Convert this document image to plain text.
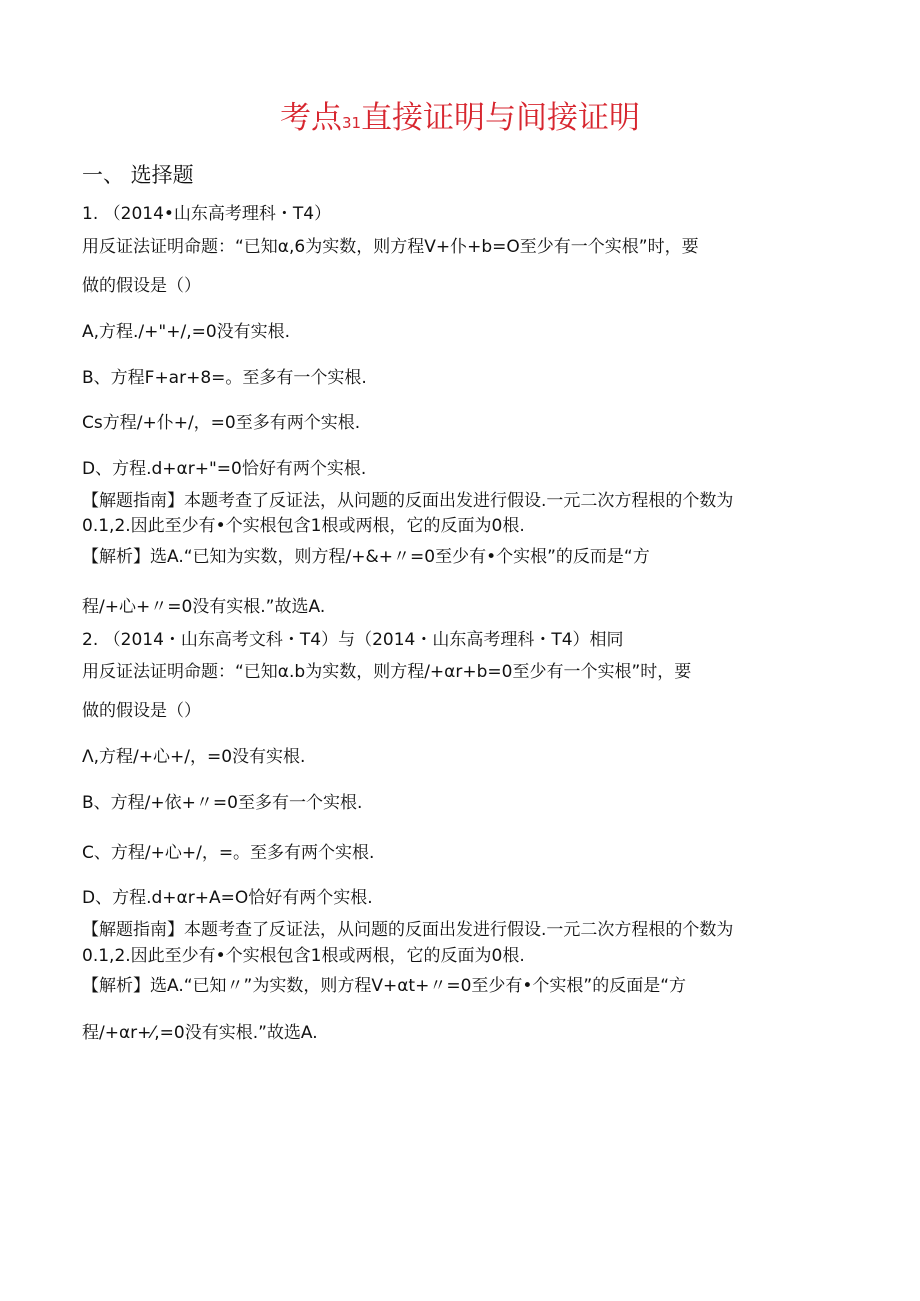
考点31直接证明与间接证明
一、 选择题
1. （2014•山东高考理科・T4）
用反证法证明命题：“已知α,6为实数，则方程V+仆+b=O至少有一个实根”时，要
做的假设是（）
A,方程./+"+/,=0没有实根.
B、方程F+ar+8=。至多有一个实根.
Cs方程/+仆+/，=0至多有两个实根.
D、方程.d+αr+"=0恰好有两个实根.
【解题指南】本题考查了反证法，从问题的反面出发进行假设.一元二次方程根的个数为
0.1,2.因此至少有•个实根包含1根或两根，它的反面为0根.
【解析】选A.“已知为实数，则方程/+&+〃=0至少有•个实根”的反而是“方
程/+心+〃=0没有实根.”故选A.
2. （2014・山东高考文科・T4）与（2014・山东高考理科・T4）相同
用反证法证明命题：“已知α.b为实数，则方程/+αr+b=0至少有一个实根”时，要
做的假设是（）
Λ,方程/+心+/，=0没有实根.
B、方程/+依+〃=0至多有一个实根.
C、方程/+心+/，=。至多有两个实根.
D、方程.d+αr+A=O恰好有两个实根.
【解题指南】本题考查了反证法，从问题的反面出发进行假设.一元二次方程根的个数为
0.1,2.因此至少有•个实根包含1根或两根，它的反面为0根.
【解析】选A.“已知〃”为实数，则方程V+αt+〃=0至少有•个实根”的反面是“方
程/+αr+⁄,=0没有实根.”故选A.
